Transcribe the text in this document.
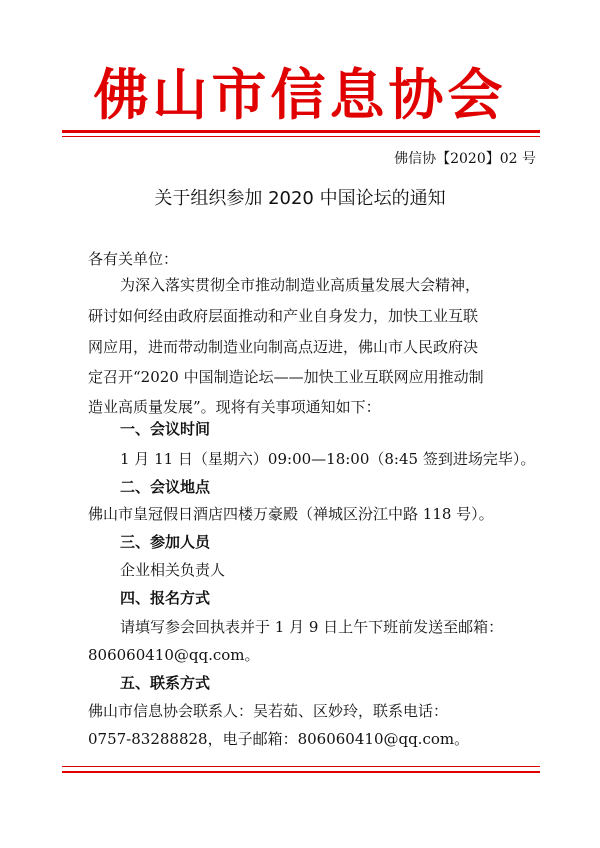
佛山市信息协会
佛信协【2020】02 号
关于组织参加 2020 中国论坛的通知
各有关单位：
为深入落实贯彻全市推动制造业高质量发展大会精神，
研讨如何经由政府层面推动和产业自身发力，加快工业互联
网应用，进而带动制造业向制高点迈进，佛山市人民政府决
定召开“2020 中国制造论坛——加快工业互联网应用推动制
造业高质量发展”。现将有关事项通知如下：
一、会议时间
1 月 11 日（星期六）09:00—18:00（8:45 签到进场完毕）。
二、会议地点
佛山市皇冠假日酒店四楼万豪殿（禅城区汾江中路 118 号）。
三、参加人员
企业相关负责人
四、报名方式
请填写参会回执表并于 1 月 9 日上午下班前发送至邮箱：
806060410@qq.com。
五、联系方式
佛山市信息协会联系人：吴若茹、区妙玲，联系电话：
0757-83288828，电子邮箱：806060410@qq.com。
